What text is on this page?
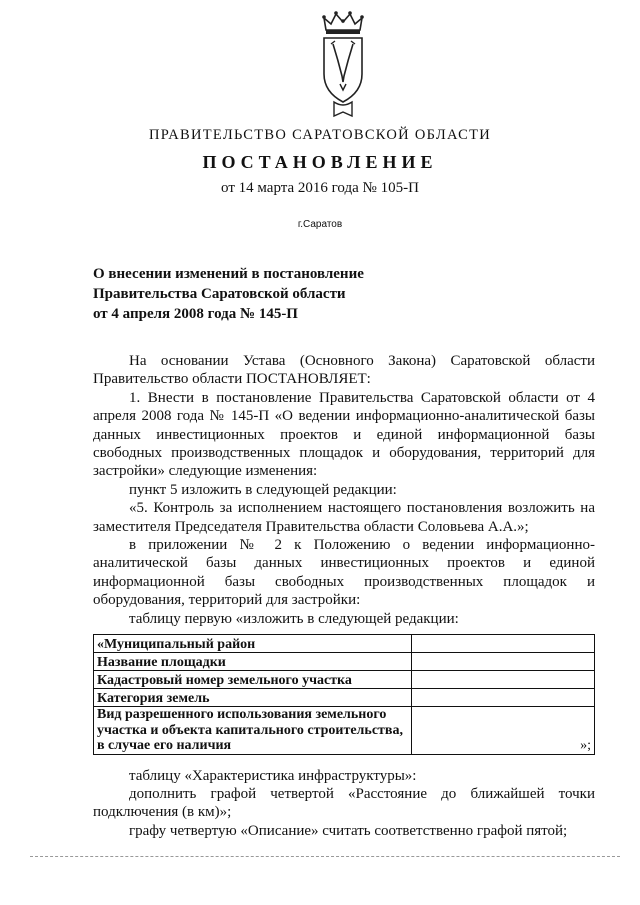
ПРАВИТЕЛЬСТВО САРАТОВСКОЙ ОБЛАСТИ
ПОСТАНОВЛЕНИЕ
от 14 марта 2016 года № 105-П
г.Саратов
О внесении изменений в постановление
Правительства Саратовской области
от 4 апреля 2008 года № 145-П
На основании Устава (Основного Закона) Саратовской области Правительство области ПОСТАНОВЛЯЕТ:
1. Внести в постановление Правительства Саратовской области от 4 апреля 2008 года № 145-П «О ведении информационно-аналитической базы данных инвестиционных проектов и единой информационной базы свободных производственных площадок и оборудования, территорий для застройки» следующие изменения:
пункт 5 изложить в следующей редакции:
«5. Контроль за исполнением настоящего постановления возложить на заместителя Председателя Правительства области Соловьева А.А.»;
в приложении № 2 к Положению о ведении информационно-аналитической базы данных инвестиционных проектов и единой информационной базы свободных производственных площадок и оборудования, территорий для застройки:
таблицу первую «изложить в следующей редакции:
«Муниципальный район	
Название площадки	
Кадастровый номер земельного участка	
Категория земель	
Вид разрешенного использования земельного участка и объекта капитального строительства, в случае его наличия	»;
таблицу «Характеристика инфраструктуры»:
дополнить графой четвертой «Расстояние до ближайшей точки подключения (в км)»;
графу четвертую «Описание» считать соответственно графой пятой;
